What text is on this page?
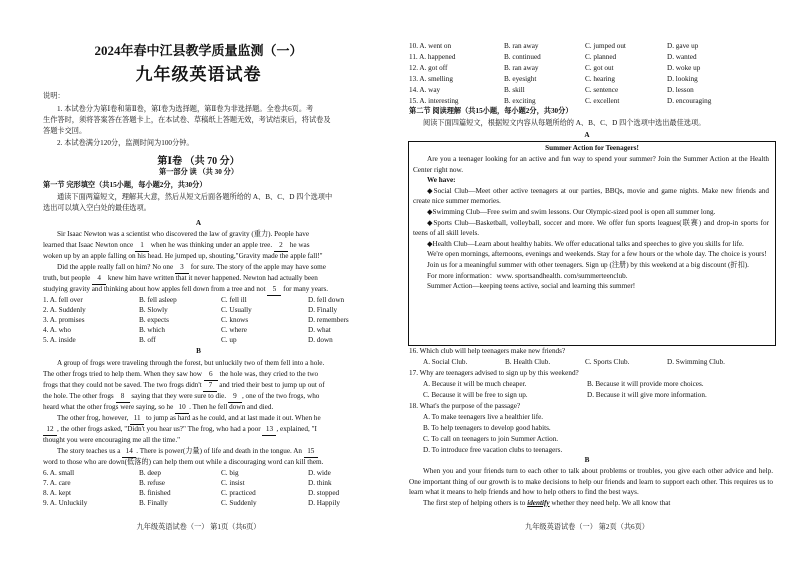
2024年春中江县教学质量监测（一）
九年级英语试卷
说明：
1. 本试卷分为第Ⅰ卷和第Ⅱ卷，第Ⅰ卷为选择题，第Ⅱ卷为非选择题。全卷共6页。考
生作答时，须将答案答在答题卡上，在本试卷、草稿纸上答题无效，考试结束后，将试卷及
答题卡交回。
2. 本试卷满分120分，监测时间为100分钟。
第Ⅰ卷 （共 70 分）
第一部分 读 （共 30 分）
第一节 完形填空（共15小题，每小题2分，共30分）
通读下面两篇短文，理解其大意，然后从短文后面各题所给的 A、B、C、D 四个选项中
选出可以填入空白处的最佳选项。
A
Sir Isaac Newton was a scientist who discovered the law of gravity (重力). People have
learned that Isaac Newton once 1 when he was thinking under an apple tree. 2 he was
woken up by an apple falling on his head. He jumped up, shouting,"Gravity made the apple fall!"
Did the apple really fall on him? No one 3 for sure. The story of the apple may have some
truth, but people 4 knew him have written that it never happened. Newton had actually been
studying gravity and thinking about how apples fell down from a tree and not 5 for many years.
1. A. fell over	B. fell asleep	C. fell ill	D. fell down
2. A. Suddenly	B. Slowly	C. Usually	D. Finally
3. A. promises	B. expects	C. knows	D. remembers
4. A. who	B. which	C. where	D. what
5. A. inside	B. off	C. up	D. down
B
A group of frogs were traveling through the forest, but unluckily two of them fell into a hole.
The other frogs tried to help them. When they saw how 6 the hole was, they cried to the two
frogs that they could not be saved. The two frogs didn't 7 and tried their best to jump up out of
the hole. The other frogs 8 saying that they were sure to die. 9 , one of the two frogs, who
heard what the other frogs were saying, so he 10 . Then he fell down and died.
The other frog, however, 11 to jump as hard as he could, and at last made it out. When he
12 , the other frogs asked, "Didn't you hear us?" The frog, who had a poor 13 , explained, "I
thought you were encouraging me all the time."
The story teaches us a 14 . There is power(力量) of life and death in the tongue. An 15
word to those who are down(低落的) can help them out while a discouraging word can kill them.
6. A. small	B. deep	C. big	D. wide
7. A. care	B. refuse	C. insist	D. think
8. A. kept	B. finished	C. practiced	D. stopped
9. A. Unluckily	B. Finally	C. Suddenly	D. Happily
九年级英语试卷（一） 第1页（共6页）
10. A. went on	B. ran away	C. jumped out	D. gave up
11. A. happened	B. continued	C. planned	D. wanted
12. A. got off	B. ran away	C. got out	D. woke up
13. A. smelling	B. eyesight	C. hearing	D. looking
14. A. way	B. skill	C. sentence	D. lesson
15. A. interesting	B. exciting	C. excellent	D. encouraging
第二节 阅读理解（共15小题，每小题2分，共30分）
阅读下面四篇短文，根据短文内容从每题所给的 A、B、C、D 四个选项中选出最佳选项。
A
Summer Action for Teenagers!

Are you a teenager looking for an active and fun way to spend your summer? Join the Summer Action at the Health Center right now.

We have:

◆Social Club—Meet other active teenagers at our parties, BBQs, movie and game nights. Make new friends and create nice summer memories.

◆Swimming Club—Free swim and swim lessons. Our Olympic-sized pool is open all summer long.

◆Sports Club—Basketball, volleyball, soccer and more. We offer fun sports leagues(联赛) and drop-in sports for teens of all skill levels.

◆Health Club—Learn about healthy habits. We offer educational talks and speeches to give you skills for life.

We're open mornings, afternoons, evenings and weekends. Stay for a few hours or the whole day. The choice is yours!

Join us for a meaningful summer with other teenagers. Sign up (注册) by this weekend at a big discount (折扣).

For more information：www. sportsandhealth. com/summerteenclub.

Summer Action—keeping teens active, social and learning this summer!

16. Which club will help teenagers make new friends?
A. Social Club.	B. Health Club.	C. Sports Club.	D. Swimming Club.
17. Why are teenagers advised to sign up by this weekend?
A. Because it will be much cheaper.	B. Because it will provide more choices.
C. Because it will be free to sign up.	D. Because it will give more information.
18. What's the purpose of the passage?
A. To make teenagers live a healthier life.
B. To help teenagers to develop good habits.
C. To call on teenagers to join Summer Action.
D. To introduce free vacation clubs to teenagers.
B

When you and your friends turn to each other to talk about problems or troubles, you give each other advice and help. One important thing of our growth is to make decisions to help our friends and learn to support each other. This requires us to learn what it means to help friends and how to help others to find the best ways.

The first step of helping others is to identify whether they need help. We all know that

九年级英语试卷（一） 第2页（共6页）
